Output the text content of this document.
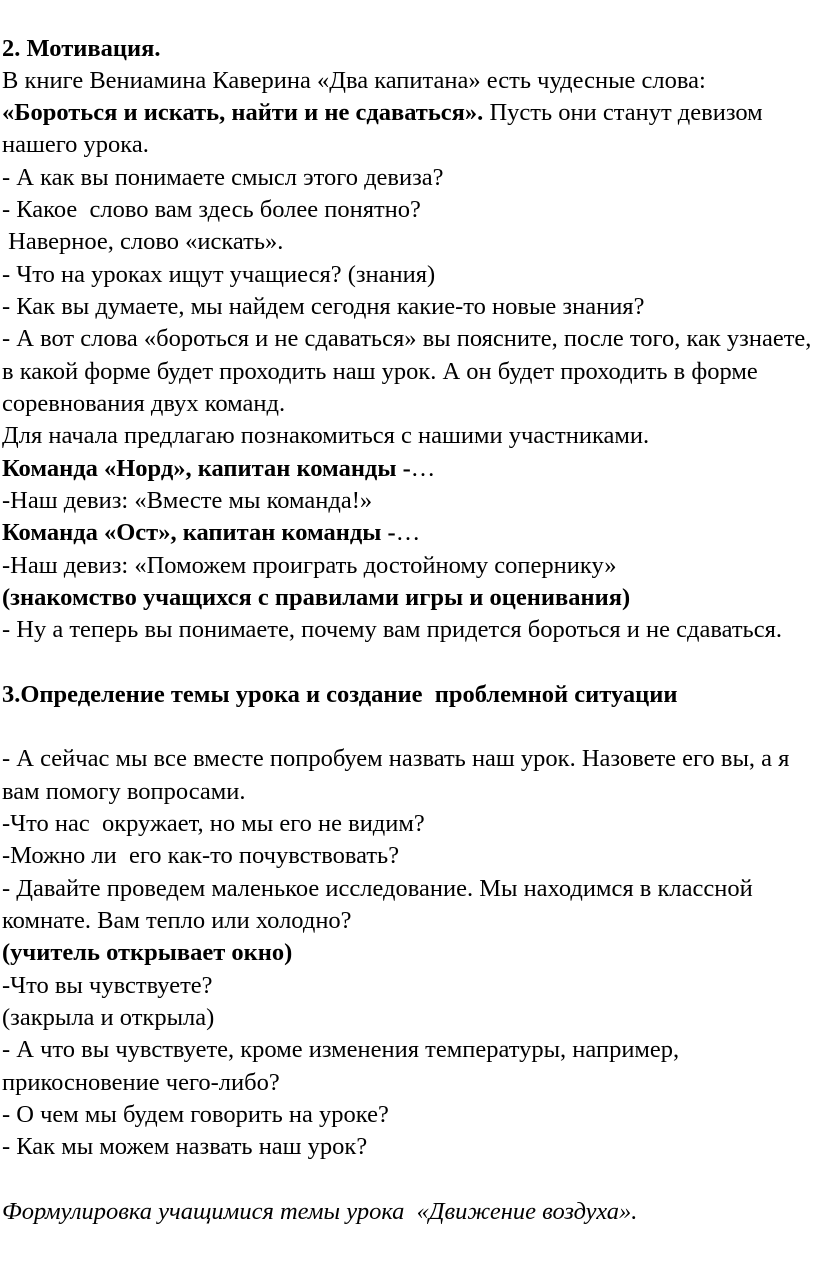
2. Мотивация.

В книге Вениамина Каверина «Два капитана» есть чудесные слова:

«Бороться и искать, найти и не сдаваться». Пусть они станут девизом

нашего урока.

- А как вы понимаете смысл этого девиза?

- Какое  слово вам здесь более понятно?

Наверное, слово «искать».

- Что на уроках ищут учащиеся? (знания)

- Как вы думаете, мы найдем сегодня какие-то новые знания?

- А вот слова «бороться и не сдаваться» вы поясните, после того, как узнаете,

в какой форме будет проходить наш урок. А он будет проходить в форме

соревнования двух команд.

Для начала предлагаю познакомиться с нашими участниками.

Команда «Норд», капитан команды -…

-Наш девиз: «Вместе мы команда!»

Команда «Ост», капитан команды -…

-Наш девиз: «Поможем проиграть достойному сопернику»

(знакомство учащихся с правилами игры и оценивания)

- Ну а теперь вы понимаете, почему вам придется бороться и не сдаваться.

3.Определение темы урока и создание  проблемной ситуации

- А сейчас мы все вместе попробуем назвать наш урок. Назовете его вы, а я

вам помогу вопросами.

-Что нас  окружает, но мы его не видим?

-Можно ли  его как-то почувствовать?

- Давайте проведем маленькое исследование. Мы находимся в классной

комнате. Вам тепло или холодно?

(учитель открывает окно)

-Что вы чувствуете?

(закрыла и открыла)

- А что вы чувствуете, кроме изменения температуры, например,

прикосновение чего-либо?

- О чем мы будем говорить на уроке?

- Как мы можем назвать наш урок?

Формулировка учащимися темы урока  «Движение воздуха».
